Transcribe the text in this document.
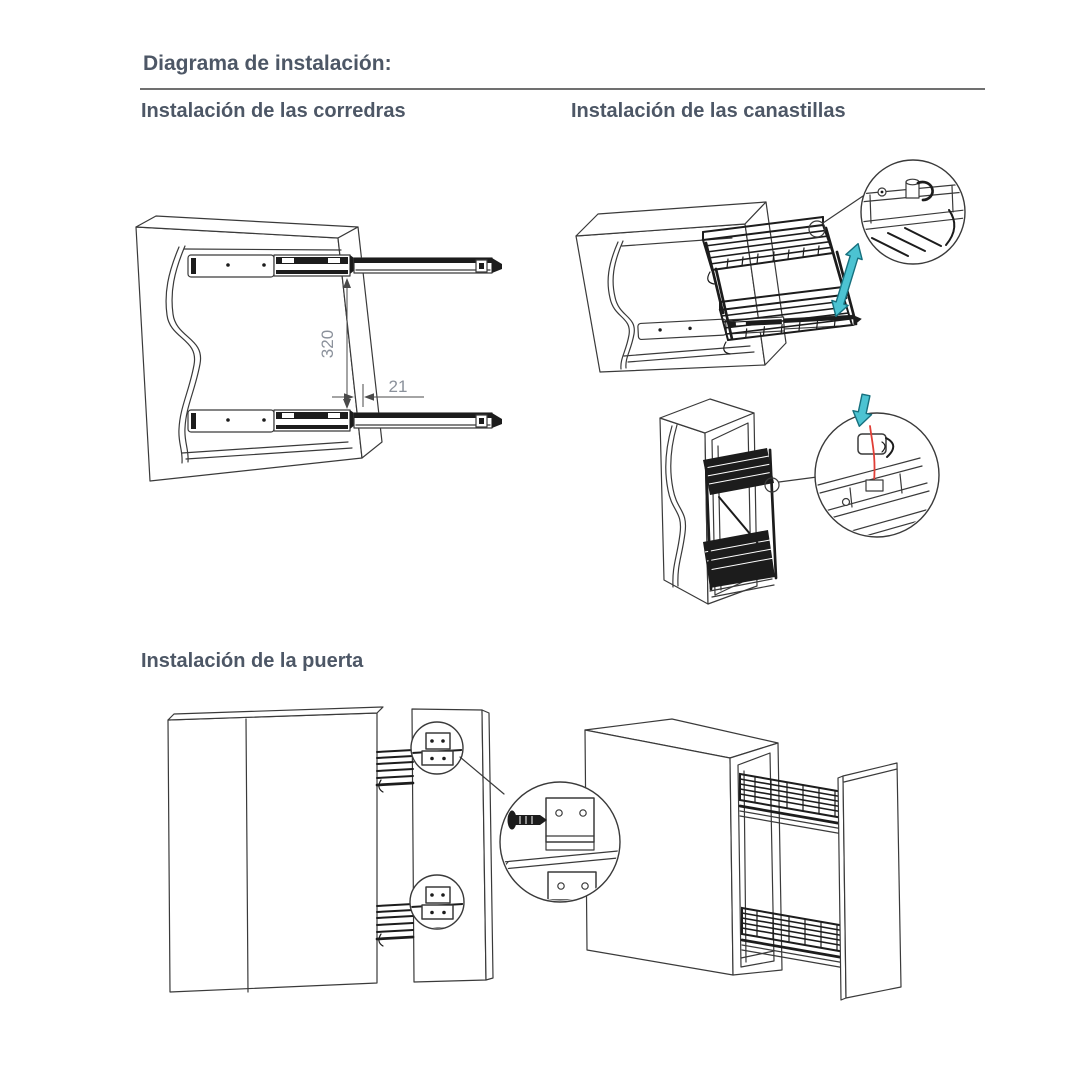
Diagrama de instalación:
Instalación de las corredras	Instalación de las canastillas
Instalación de la puerta
320
21
